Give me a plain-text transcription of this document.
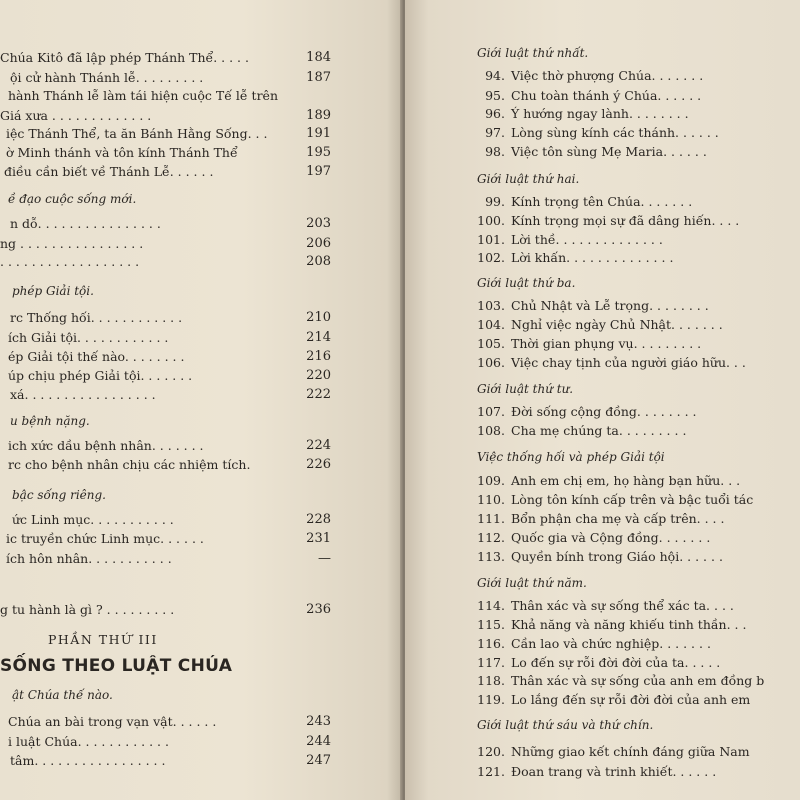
Chúa Kitô đã lập phép Thánh Thể. . . . .	184
ội cử hành Thánh lễ. . . . . . . . .	187
hành Thánh lễ làm tái hiện cuộc Tế lễ trên
Giá xưa . . . . . . . . . . . . .	189
iệc Thánh Thể, ta ăn Bánh Hằng Sống. . .	191
ờ Minh thánh và tôn kính Thánh Thể	195
điều cần biết về Thánh Lễ. . . . . .	197
ề đạo cuộc sống mới.
n dỗ. . . . . . . . . . . . . . . .	203
ng . . . . . . . . . . . . . . . .	206
. . . . . . . . . . . . . . . . . .	208
phép Giải tội.
rc Thống hối. . . . . . . . . . . .	210
ích Giải tội. . . . . . . . . . . .	214
ép Giải tội thế nào. . . . . . . .	216
úp chịu phép Giải tội. . . . . . .	220
xá. . . . . . . . . . . . . . . . .	222
u bệnh nặng.
ich xức dầu bệnh nhân. . . . . . .	224
rc cho bệnh nhân chịu các nhiệm tích.	226
bậc sống riêng.
ức Linh mục. . . . . . . . . . .	228
ic truyền chức Linh mục. . . . . .	231
ích hôn nhân. . . . . . . . . . .	—
g tu hành là gì ? . . . . . . . . .	236
PHẦN THỨ III
SỐNG THEO LUẬT CHÚA
ật Chúa thế nào.
Chúa an bài trong vạn vật. . . . . .	243
i luật Chúa. . . . . . . . . . . .	244
tâm. . . . . . . . . . . . . . . . .	247
Giới luật thứ nhất.
94. Việc thờ phượng Chúa. . . . . . .
95. Chu toàn thánh ý Chúa. . . . . .
96. Ý hướng ngay lành. . . . . . . .
97. Lòng sùng kính các thánh. . . . . .
98. Việc tôn sùng Mẹ Maria. . . . . .
Giới luật thứ hai.
99. Kính trọng tên Chúa. . . . . . .
100. Kính trọng mọi sự đã dâng hiến. . . .
101. Lời thề. . . . . . . . . . . . . .
102. Lời khấn. . . . . . . . . . . . . .
Giới luật thứ ba.
103. Chủ Nhật và Lễ trọng. . . . . . . .
104. Nghỉ việc ngày Chủ Nhật. . . . . . .
105. Thời gian phụng vụ. . . . . . . . .
106. Việc chay tịnh của người giáo hữu. . .
Giới luật thứ tư.
107. Đời sống cộng đồng. . . . . . . .
108. Cha mẹ chúng ta. . . . . . . . .
Việc thống hối và phép Giải tội
109. Anh em chị em, họ hàng bạn hữu. . .
110. Lòng tôn kính cấp trên và bậc tuổi tác
111. Bổn phận cha mẹ và cấp trên. . . .
112. Quốc gia và Cộng đồng. . . . . . .
113. Quyền bính trong Giáo hội. . . . . .
Giới luật thứ năm.
114. Thân xác và sự sống thể xác ta. . . .
115. Khả năng và năng khiếu tinh thần. . .
116. Cần lao và chức nghiệp. . . . . . .
117. Lo đến sự rỗi đời đời của ta. . . . .
118. Thân xác và sự sống của anh em đồng b
119. Lo lắng đến sự rỗi đời đời của anh em
Giới luật thứ sáu và thứ chín.
120. Những giao kết chính đáng giữa Nam
121. Đoan trang và trinh khiết. . . . . .
